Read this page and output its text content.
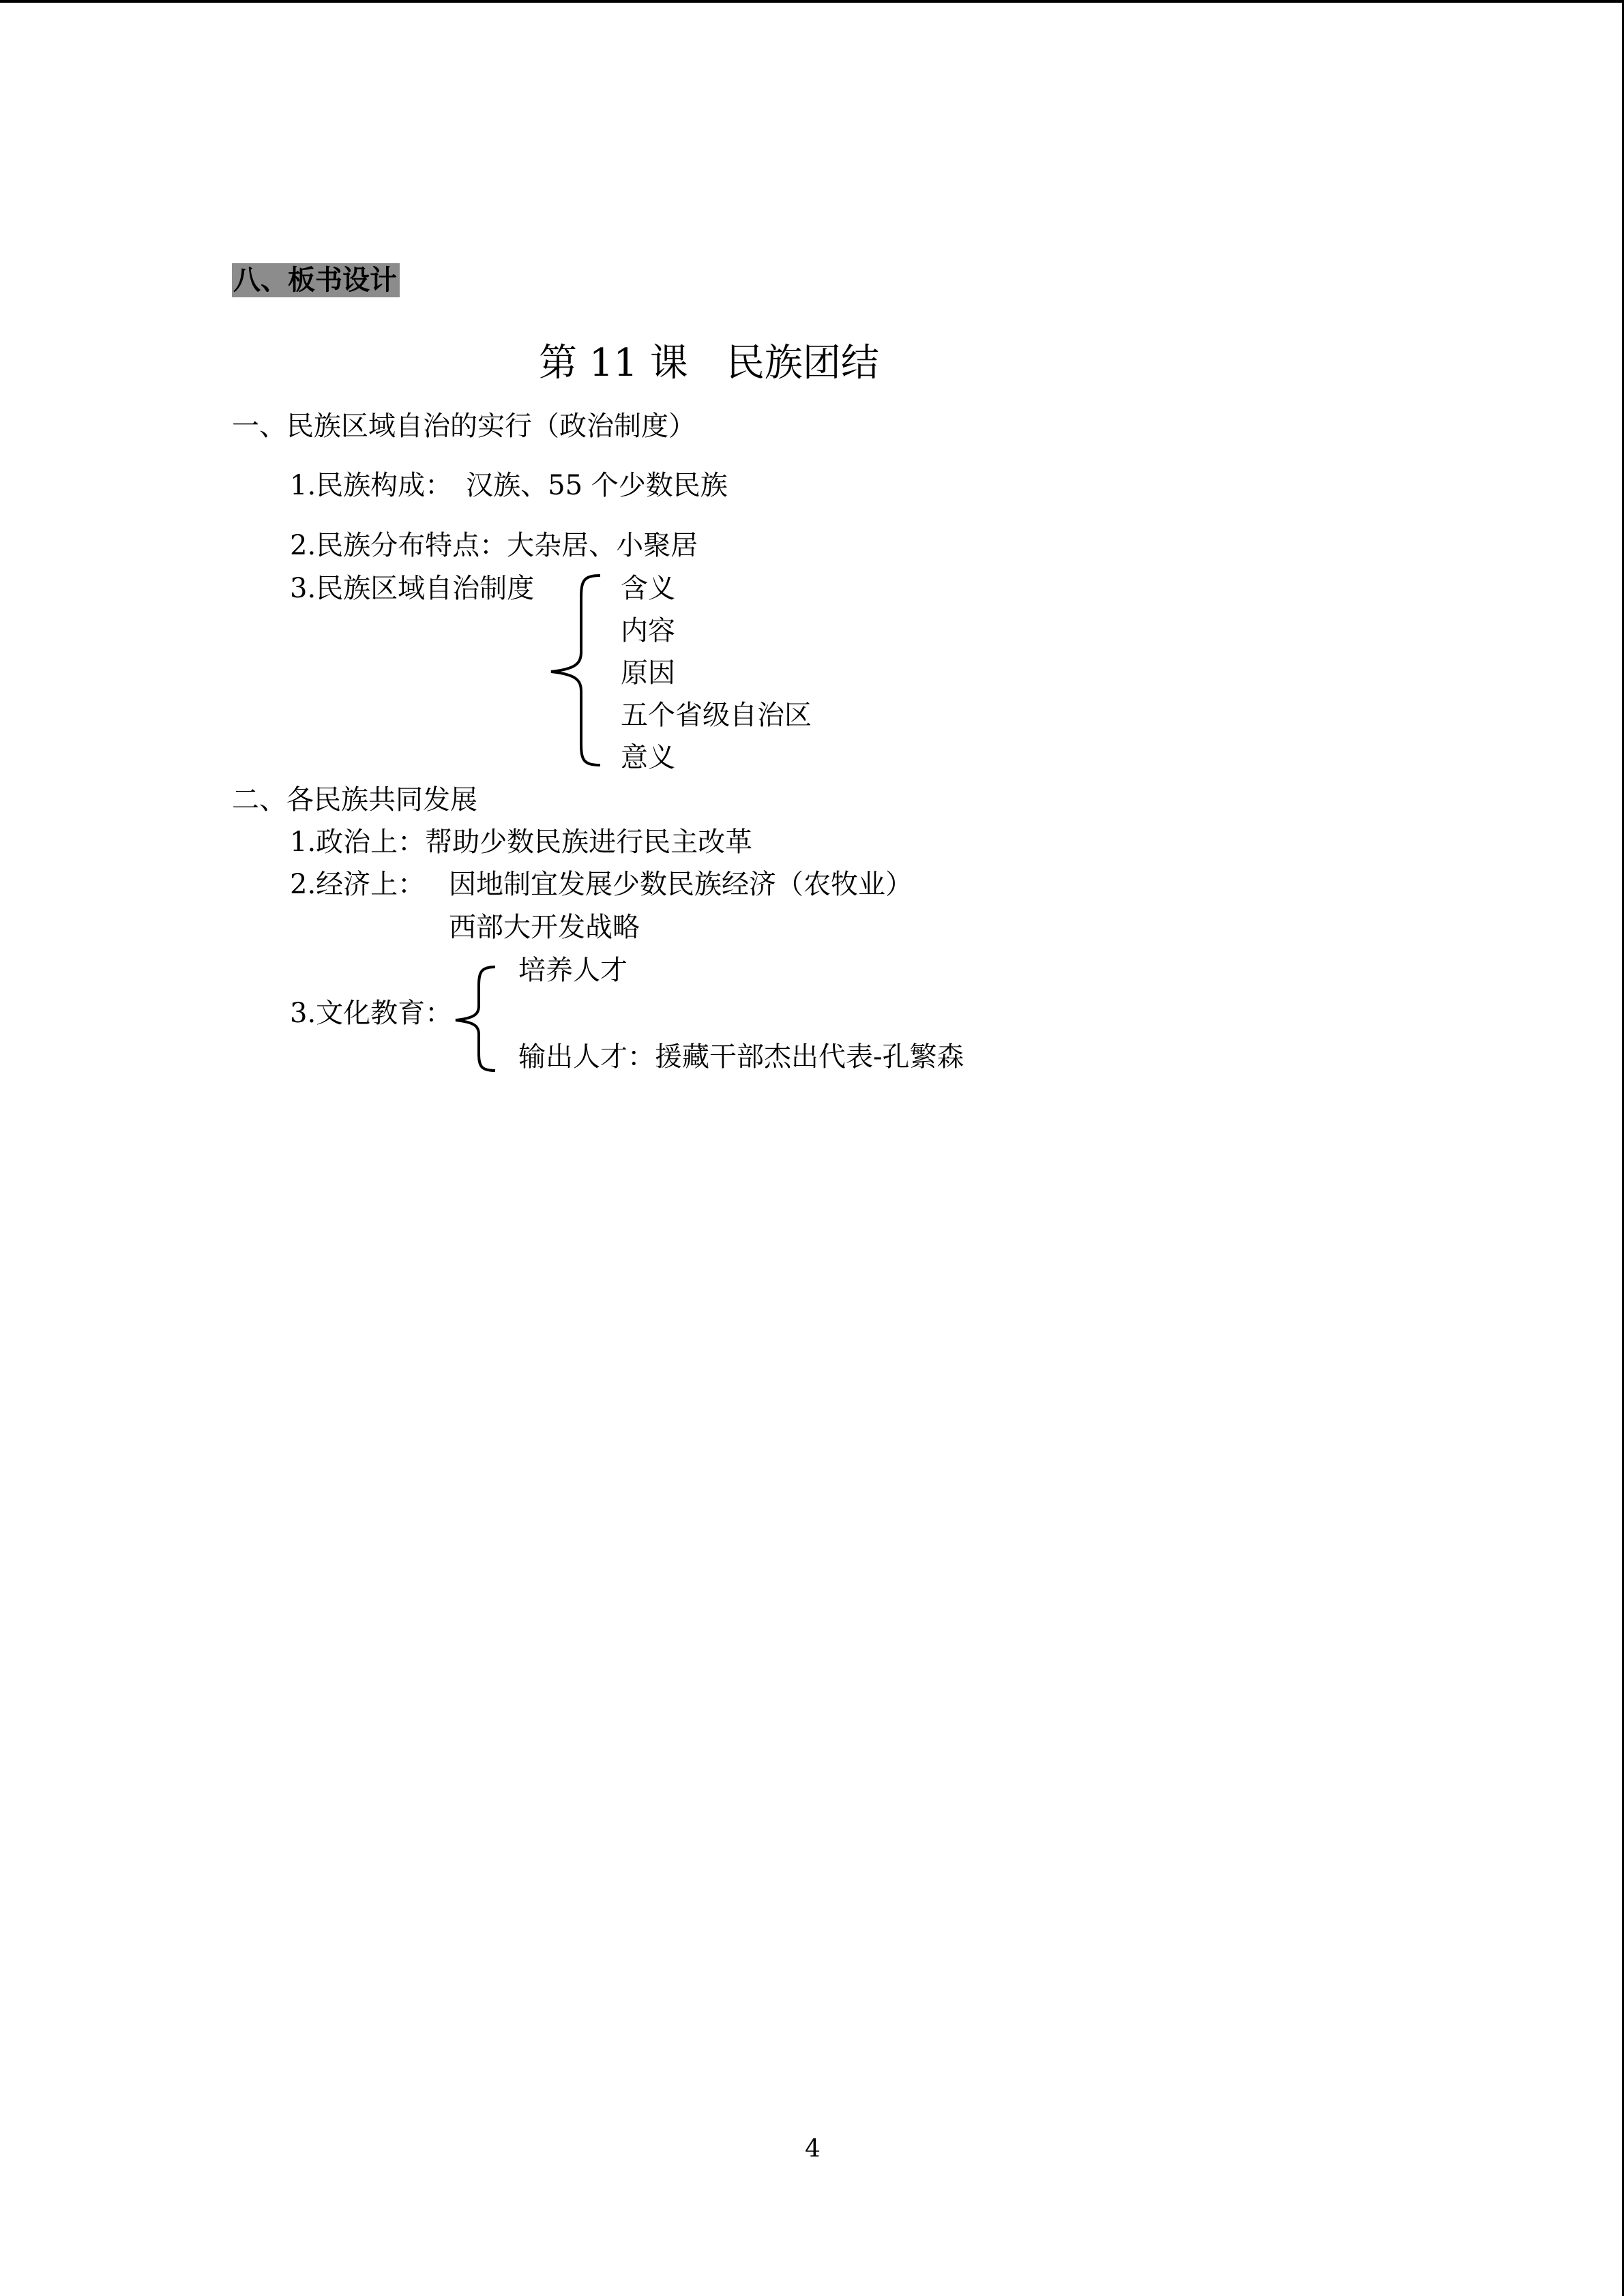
八、板书设计
第 11 课　民族团结
一、民族区域自治的实行（政治制度）
1.民族构成：　汉族、55 个少数民族
2.民族分布特点：大杂居、小聚居
3.民族区域自治制度	含义
内容
原因
五个省级自治区
意义
二、各民族共同发展
1.政治上：帮助少数民族进行民主改革
2.经济上： 因地制宜发展少数民族经济（农牧业）
西部大开发战略
3.文化教育：
培养人才
输出人才：援藏干部杰出代表-孔繁森
4
